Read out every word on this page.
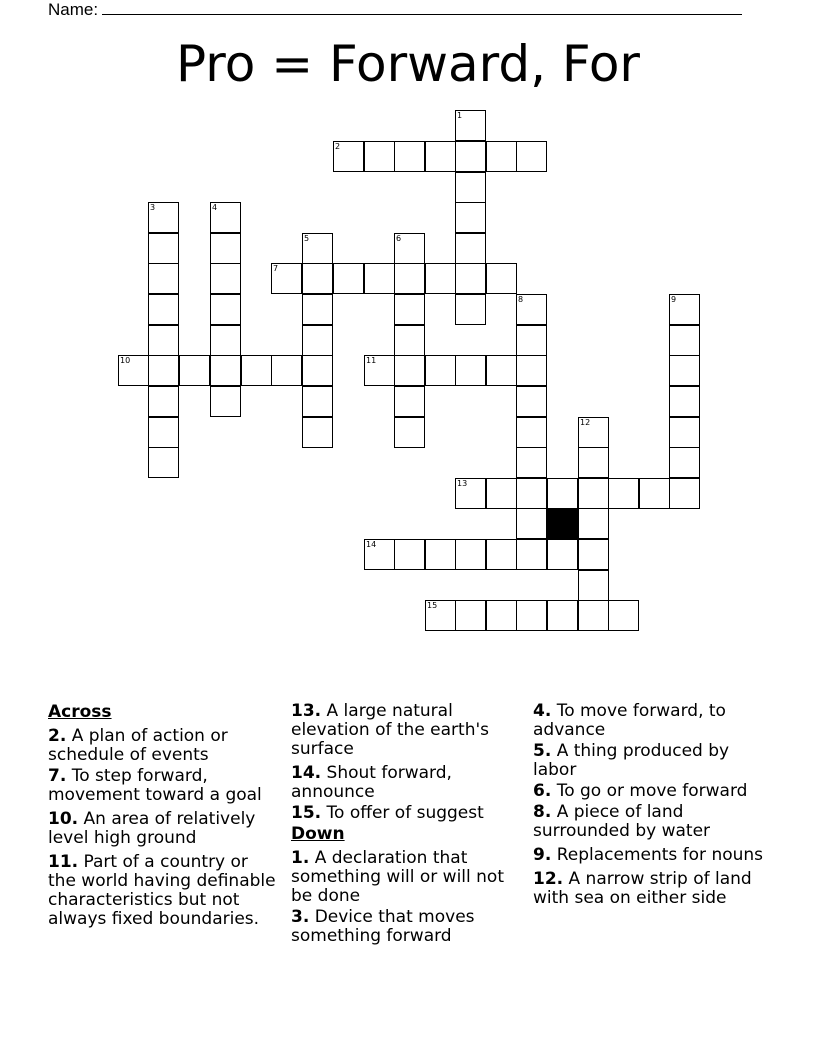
Name:
Pro = Forward, For
1
2
3	4
5	6
7
8	9
10	11
12
13
14
15
Across
2. A plan of action or schedule of events
7. To step forward, movement toward a goal
10. An area of relatively level high ground
11. Part of a country or the world having definable characteristics but not always fixed boundaries.
13. A large natural elevation of the earth's surface
14. Shout forward, announce
15. To offer of suggest
Down
1. A declaration that something will or will not be done
3. Device that moves something forward
4. To move forward, to advance
5. A thing produced by labor
6. To go or move forward
8. A piece of land surrounded by water
9. Replacements for nouns
12. A narrow strip of land with sea on either side
